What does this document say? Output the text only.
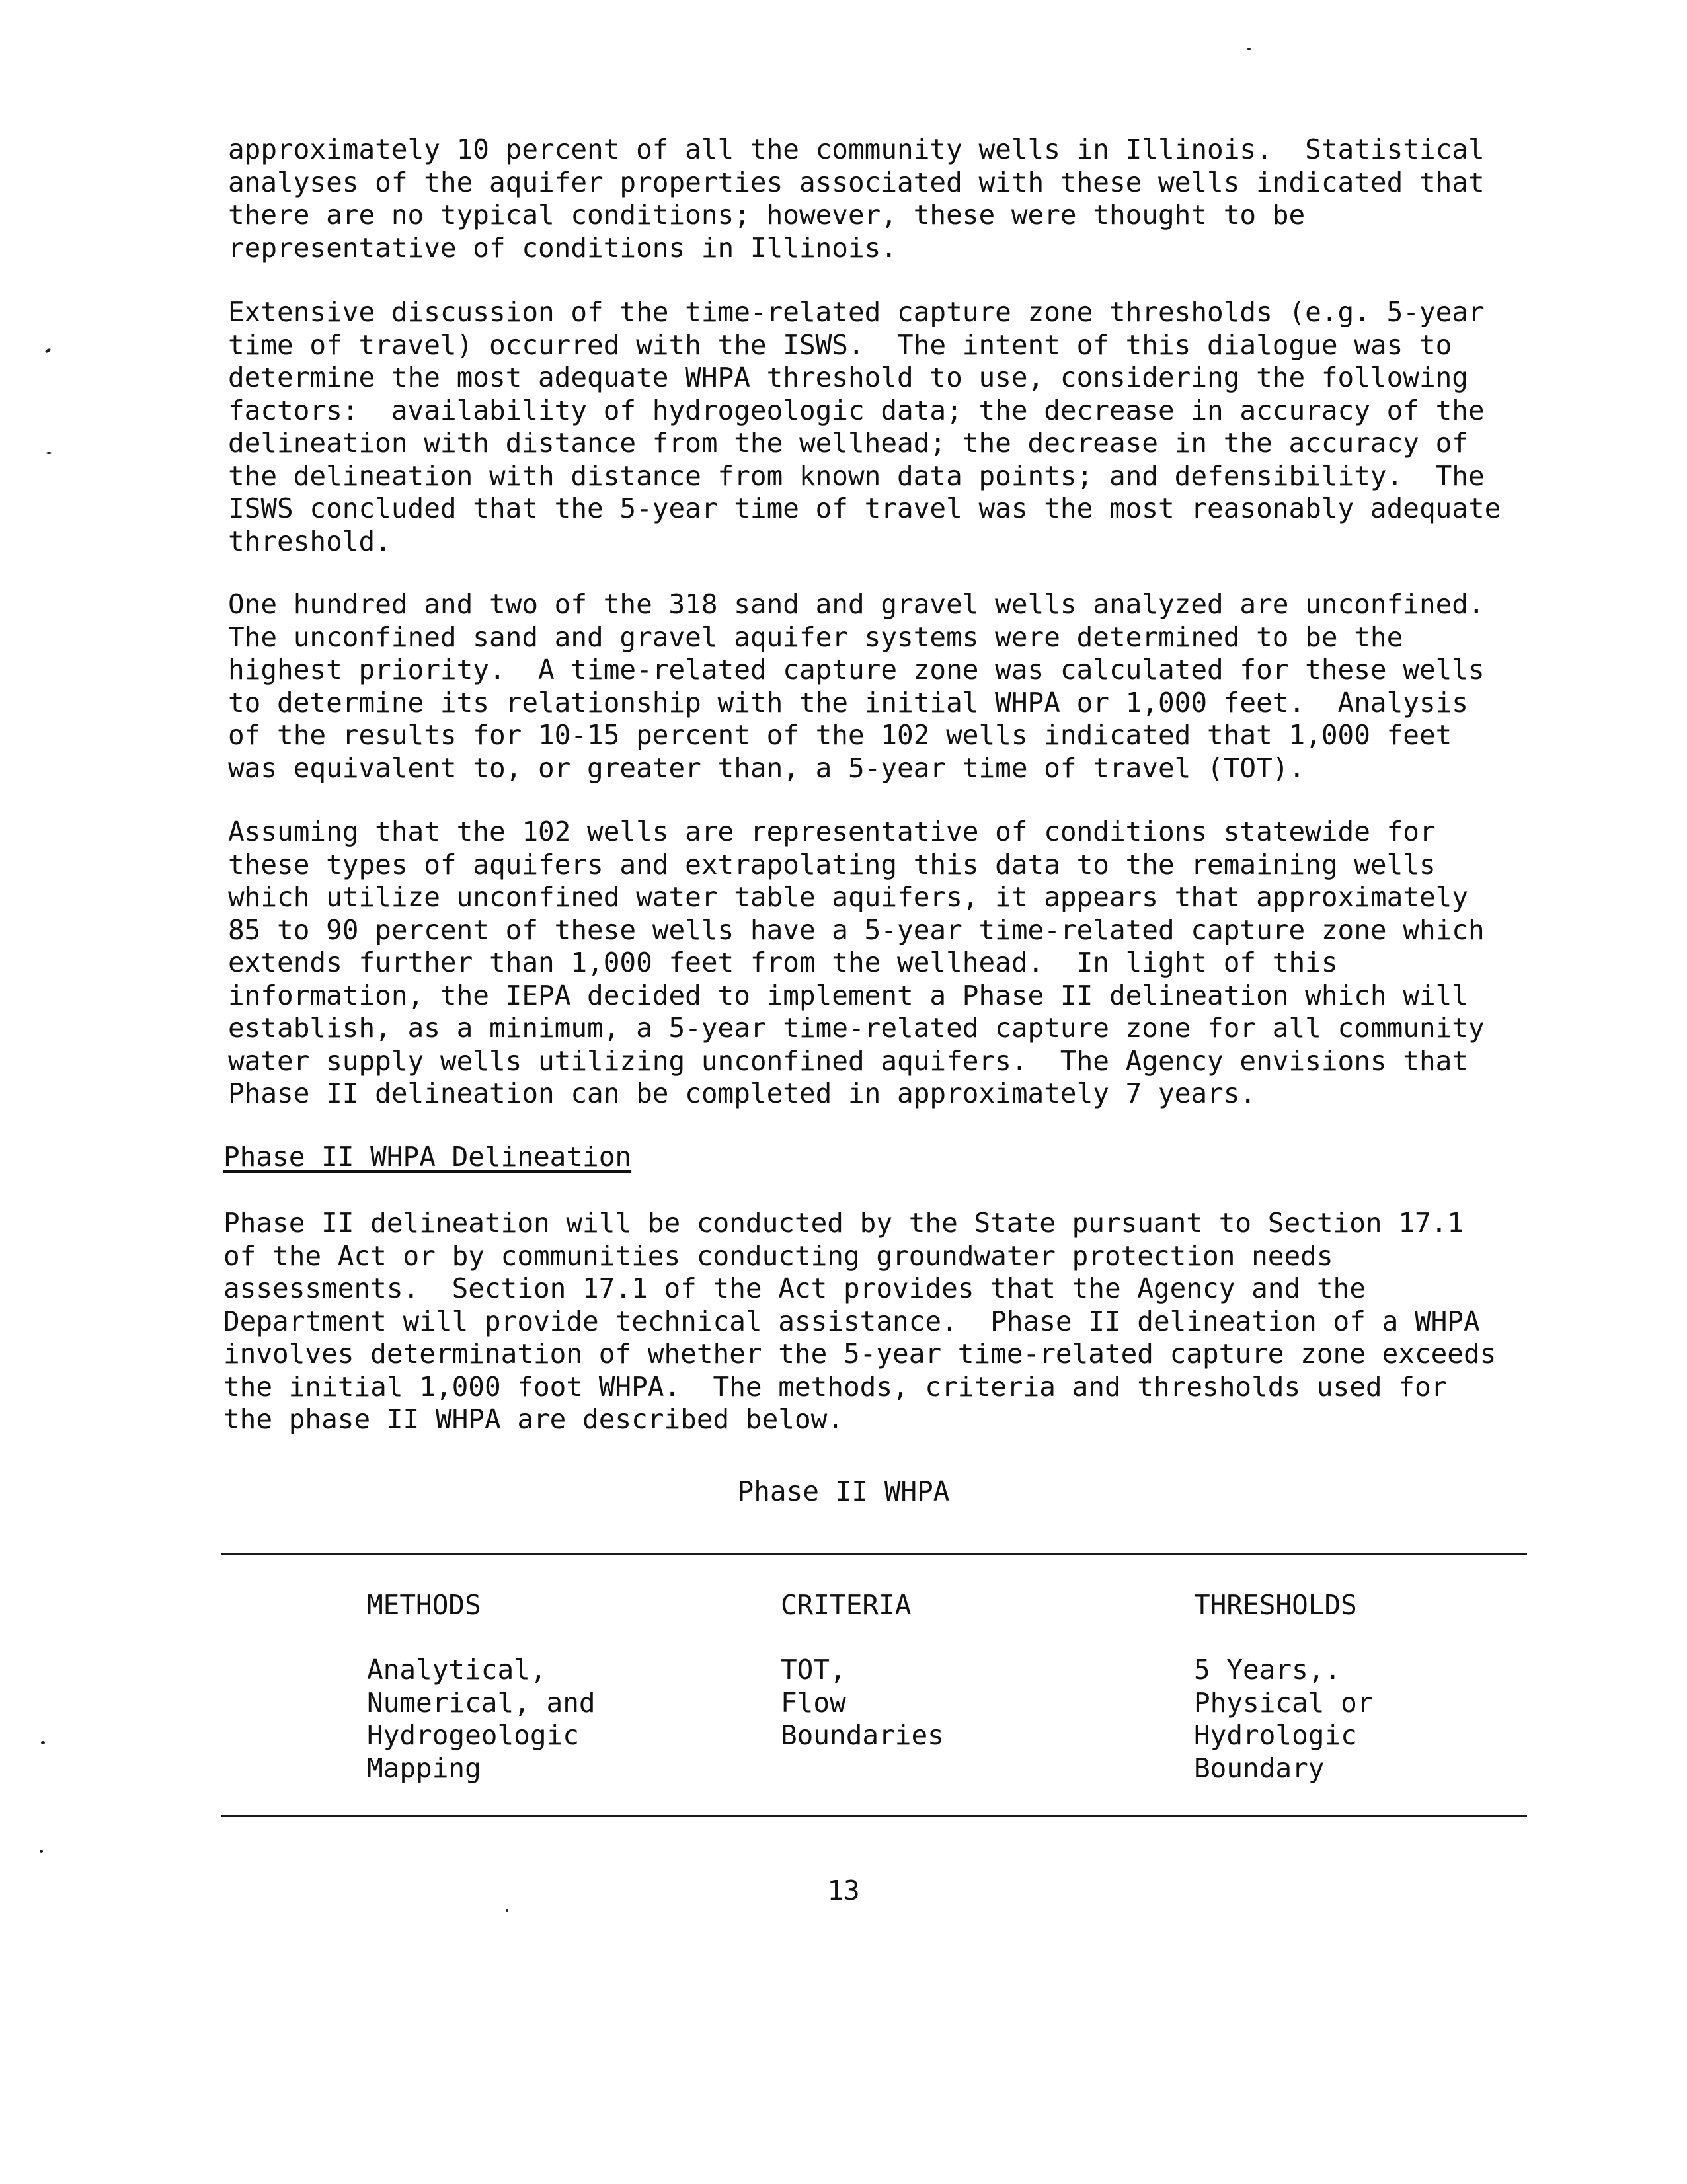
approximately 10 percent of all the community wells in Illinois.  Statistical
analyses of the aquifer properties associated with these wells indicated that
there are no typical conditions; however, these were thought to be
representative of conditions in Illinois.

Extensive discussion of the time-related capture zone thresholds (e.g. 5-year
time of travel) occurred with the ISWS.  The intent of this dialogue was to
determine the most adequate WHPA threshold to use, considering the following
factors:  availability of hydrogeologic data; the decrease in accuracy of the
delineation with distance from the wellhead; the decrease in the accuracy of
the delineation with distance from known data points; and defensibility.  The
ISWS concluded that the 5-year time of travel was the most reasonably adequate
threshold.

One hundred and two of the 318 sand and gravel wells analyzed are unconfined.
The unconfined sand and gravel aquifer systems were determined to be the
highest priority.  A time-related capture zone was calculated for these wells
to determine its relationship with the initial WHPA or 1,000 feet.  Analysis
of the results for 10-15 percent of the 102 wells indicated that 1,000 feet
was equivalent to, or greater than, a 5-year time of travel (TOT).

Assuming that the 102 wells are representative of conditions statewide for
these types of aquifers and extrapolating this data to the remaining wells
which utilize unconfined water table aquifers, it appears that approximately
85 to 90 percent of these wells have a 5-year time-related capture zone which
extends further than 1,000 feet from the wellhead.  In light of this
information, the IEPA decided to implement a Phase II delineation which will
establish, as a minimum, a 5-year time-related capture zone for all community
water supply wells utilizing unconfined aquifers.  The Agency envisions that
Phase II delineation can be completed in approximately 7 years.

Phase II WHPA Delineation

Phase II delineation will be conducted by the State pursuant to Section 17.1
of the Act or by communities conducting groundwater protection needs
assessments.  Section 17.1 of the Act provides that the Agency and the
Department will provide technical assistance.  Phase II delineation of a WHPA
involves determination of whether the 5-year time-related capture zone exceeds
the initial 1,000 foot WHPA.  The methods, criteria and thresholds used for
the phase II WHPA are described below.

Phase II WHPA
METHODS	CRITERIA	THRESHOLDS
Analytical,
Numerical, and
Hydrogeologic
Mapping
TOT,
Flow
Boundaries
5 Years,.
Physical or
Hydrologic
Boundary
13
